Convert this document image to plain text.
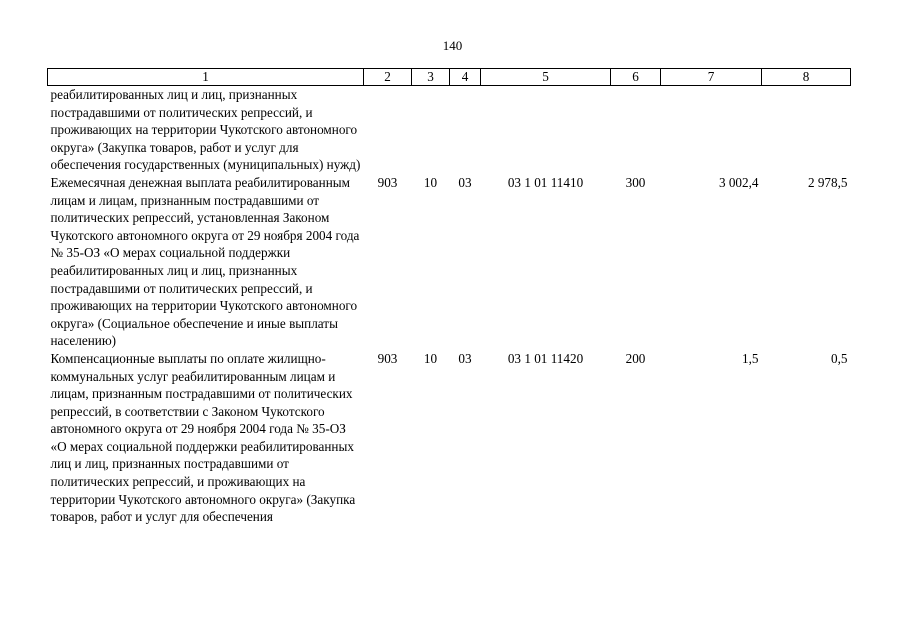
140
1	2	3	4	5	6	7	8
реабилитированных лиц и лиц, признанных пострадавшими от политических репрессий, и проживающих на территории Чукотского автономного округа» (Закупка товаров, работ и услуг для обеспечения государственных (муниципальных) нужд)							
Ежемесячная денежная выплата реабилитированным лицам и лицам, признанным пострадавшими от политических репрессий, установленная Законом Чукотского автономного округа от 29 ноября 2004 года № 35-ОЗ «О мерах социальной поддержки реабилитированных лиц и лиц, признанных пострадавшими от политических репрессий, и проживающих на территории Чукотского автономного округа» (Социальное обеспечение и иные выплаты населению)	903	10	03	03 1 01 11410	300	3 002,4	2 978,5
Компенсационные выплаты по оплате жилищно-коммунальных услуг реабилитированным лицам и лицам, признанным пострадавшими от политических репрессий, в соответствии с Законом Чукотского автономного округа от 29 ноября 2004 года № 35-ОЗ «О мерах социальной поддержки реабилитированных лиц и лиц, признанных пострадавшими от политических репрессий, и проживающих на территории Чукотского автономного округа» (Закупка товаров, работ и услуг для обеспечения	903	10	03	03 1 01 11420	200	1,5	0,5
